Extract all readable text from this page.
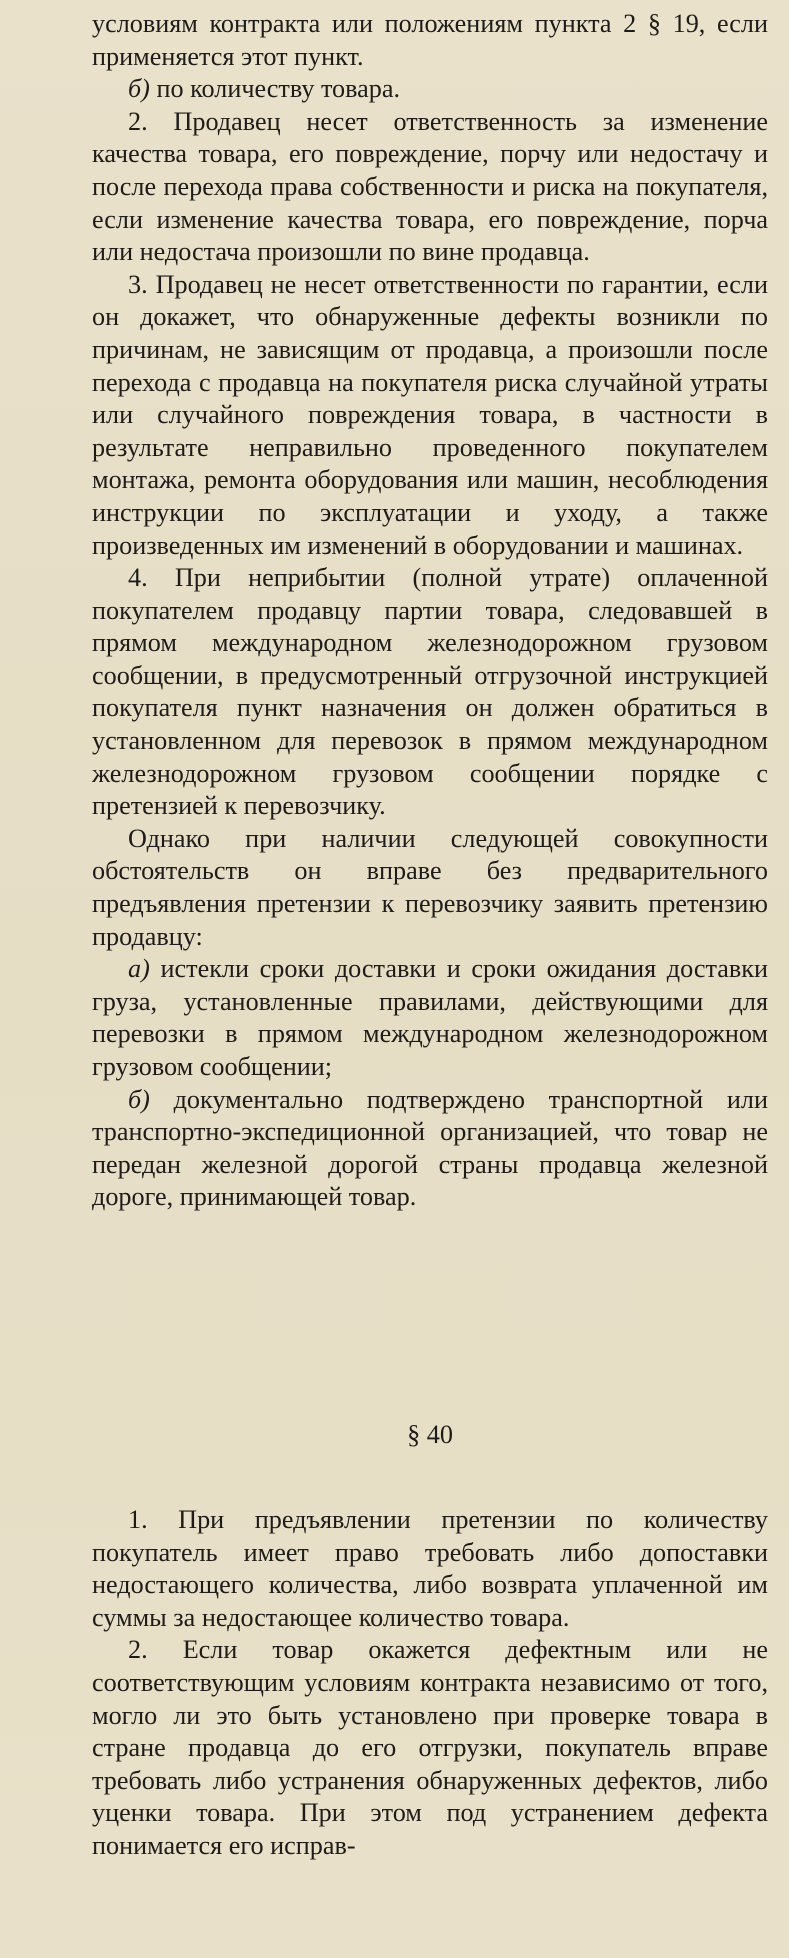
условиям контракта или положениям пункта 2 § 19, если применяется этот пункт.

б) по количеству товара.

2. Продавец несет ответственность за изменение качества товара, его повреждение, порчу или недостачу и после перехода права собственности и риска на покупателя, если изменение качества товара, его повреждение, порча или недостача произошли по вине продавца.

3. Продавец не несет ответственности по гарантии, если он докажет, что обнаруженные дефекты возникли по причинам, не зависящим от продавца, а произошли после перехода с продавца на покупателя риска случайной утраты или случайного повреждения товара, в частности в результате неправильно проведенного покупателем монтажа, ремонта оборудования или машин, несоблюдения инструкции по эксплуатации и уходу, а также произведенных им изменений в оборудовании и машинах.

4. При неприбытии (полной утрате) оплаченной покупателем продавцу партии товара, следовавшей в прямом международном железнодорожном грузовом сообщении, в предусмотренный отгрузочной инструкцией покупателя пункт назначения он должен обратиться в установленном для перевозок в прямом международном железнодорожном грузовом сообщении порядке с претензией к перевозчику.

Однако при наличии следующей совокупности обстоятельств он вправе без предварительного предъявления претензии к перевозчику заявить претензию продавцу:

а) истекли сроки доставки и сроки ожидания доставки груза, установленные правилами, действующими для перевозки в прямом международном железнодорожном грузовом сообщении;

б) документально подтверждено транспортной или транспортно-экспедиционной организацией, что товар не передан железной дорогой страны продавца железной дороге, принимающей товар.

§ 40

1. При предъявлении претензии по количеству покупатель имеет право требовать либо допоставки недостающего количества, либо возврата уплаченной им суммы за недостающее количество товара.

2. Если товар окажется дефектным или не соответствующим условиям контракта независимо от того, могло ли это быть установлено при проверке товара в стране продавца до его отгрузки, покупатель вправе требовать либо устранения обнаруженных дефектов, либо уценки товара. При этом под устранением дефекта понимается его исправ-
